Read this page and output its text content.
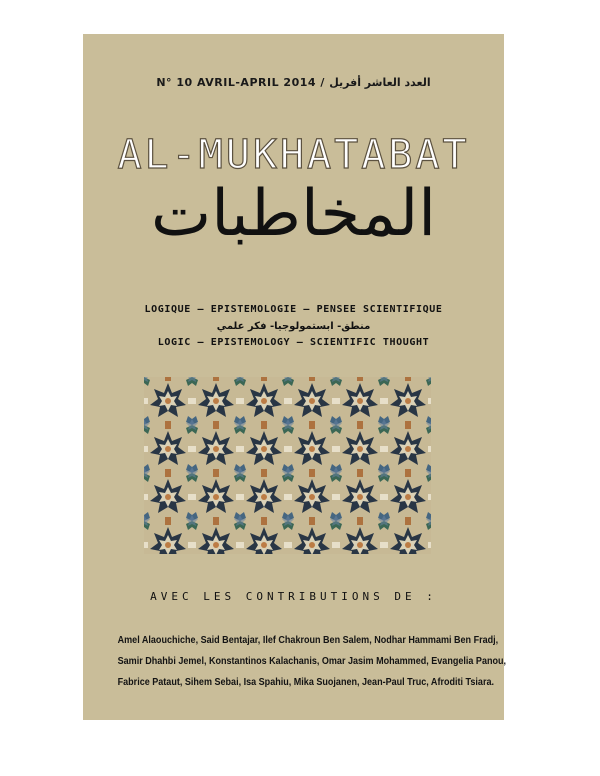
N° 10 AVRIL-APRIL 2014 / العدد العاشر أفريل
AL-MUKHATABAT
المخاطبات
LOGIQUE – EPISTEMOLOGIE – PENSEE SCIENTIFIQUE
منطق- ابستمولوجيا- فكر علمي
LOGIC – EPISTEMOLOGY – SCIENTIFIC THOUGHT
AVEC LES CONTRIBUTIONS DE :
Amel Alaouchiche, Said Bentajar, Ilef Chakroun Ben Salem, Nodhar Hammami Ben Fradj,
Samir Dhahbi Jemel, Konstantinos Kalachanis, Omar Jasim Mohammed, Evangelia Panou,
Fabrice Pataut, Sihem Sebai, Isa Spahiu, Mika Suojanen, Jean-Paul Truc, Afroditi Tsiara.
